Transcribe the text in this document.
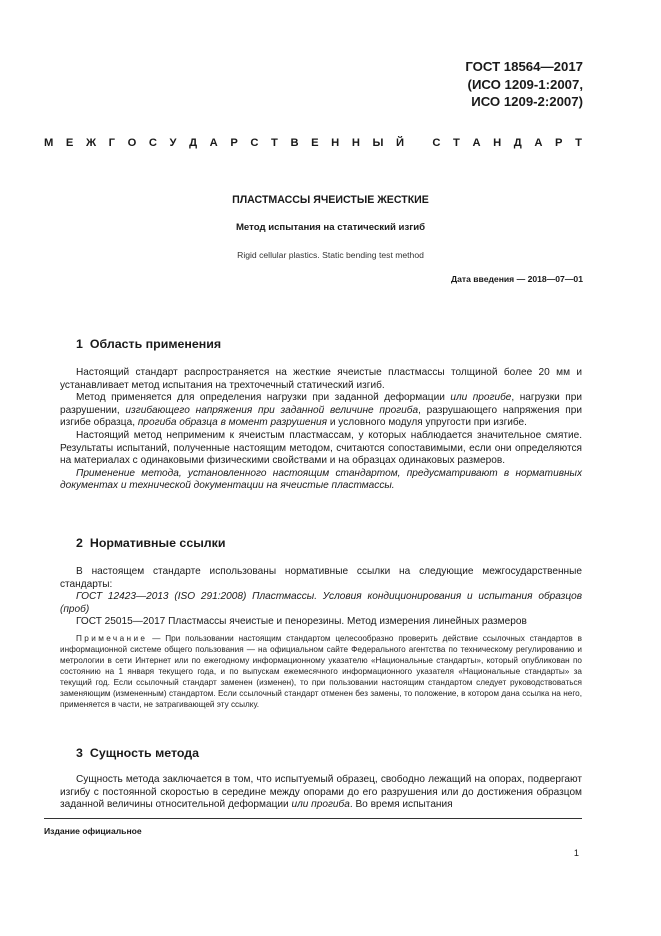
ГОСТ 18564—2017
(ИСО 1209-1:2007,
ИСО 1209-2:2007)
М Е Ж Г О С У Д А Р С Т В Е Н Н Ы Й
	С Т А Н Д А Р Т
ПЛАСТМАССЫ ЯЧЕИСТЫЕ ЖЕСТКИЕ
Метод испытания на статический изгиб
Rigid cellular plastics. Static bending test method
Дата введения — 2018—07—01
1 Область применения

Настоящий стандарт распространяется на жесткие ячеистые пластмассы толщиной более 20 мм и устанавливает метод испытания на трехточечный статический изгиб.

Метод применяется для определения нагрузки при заданной деформации или прогибе, нагрузки при разрушении, изгибающего напряжения при заданной величине прогиба, разрушающего напряжения при изгибе образца, прогиба образца в момент разрушения и условного модуля упругости при изгибе.

Настоящий метод неприменим к ячеистым пластмассам, у которых наблюдается значительное смятие. Результаты испытаний, полученные настоящим методом, считаются сопоставимыми, если они определяются на материалах с одинаковыми физическими свойствами и на образцах одинаковых размеров.

Применение метода, установленного настоящим стандартом, предусматривают в нормативных документах и технической документации на ячеистые пластмассы.

2 Нормативные ссылки

В настоящем стандарте использованы нормативные ссылки на следующие межгосударственные стандарты:

ГОСТ 12423—2013 (ISO 291:2008) Пластмассы. Условия кондиционирования и испытания образцов (проб)

ГОСТ 25015—2017 Пластмассы ячеистые и пенорезины. Метод измерения линейных размеров

Примечание — При пользовании настоящим стандартом целесообразно проверить действие ссылочных стандартов в информационной системе общего пользования — на официальном сайте Федерального агентства по техническому регулированию и метрологии в сети Интернет или по ежегодному информационному указателю «Национальные стандарты», который опубликован по состоянию на 1 января текущего года, и по выпускам ежемесячного информационного указателя «Национальные стандарты» за текущий год. Если ссылочный стандарт заменен (изменен), то при пользовании настоящим стандартом следует руководствоваться заменяющим (измененным) стандартом. Если ссылочный стандарт отменен без замены, то положение, в котором дана ссылка на него, применяется в части, не затрагивающей эту ссылку.

3 Сущность метода

Сущность метода заключается в том, что испытуемый образец, свободно лежащий на опорах, подвергают изгибу с постоянной скоростью в середине между опорами до его разрушения или до достижения образцом заданной величины относительной деформации или прогиба. Во время испытания

Издание официальное
1
